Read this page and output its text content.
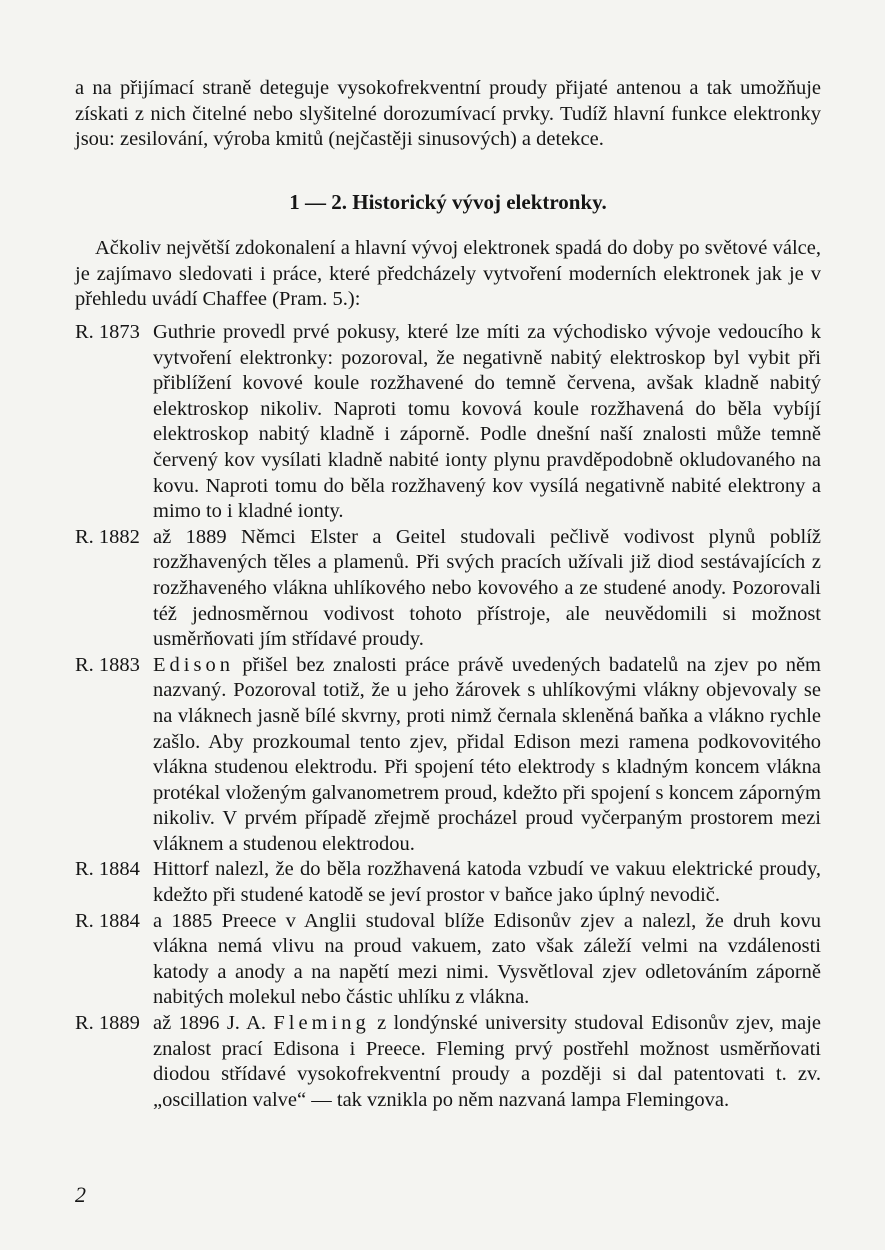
a na přijímací straně deteguje vysokofrekventní proudy přijaté antenou a tak umožňuje získati z nich čitelné nebo slyšitelné dorozumívací prvky. Tudíž hlavní funkce elektronky jsou: zesilování, výroba kmitů (nejčastěji sinusových) a detekce.

1 — 2. Historický vývoj elektronky.

Ačkoliv největší zdokonalení a hlavní vývoj elektronek spadá do doby po světové válce, je zajímavo sledovati i práce, které předcházely vytvoření moderních elektronek jak je v přehledu uvádí Chaffee (Pram. 5.):

R. 1873 Guthrie provedl prvé pokusy, které lze míti za východisko vývoje vedoucího k vytvoření elektronky: pozoroval, že negativně nabitý elektroskop byl vybit při přiblížení kovové koule rozžhavené do temně červena, avšak kladně nabitý elektroskop nikoliv. Naproti tomu kovová koule rozžhavená do běla vybíjí elektroskop nabitý kladně i záporně. Podle dnešní naší znalosti může temně červený kov vysílati kladně nabité ionty plynu pravděpodobně okludovaného na kovu. Naproti tomu do běla rozžhavený kov vysílá negativně nabité elektrony a mimo to i kladné ionty.
R. 1882 až 1889 Němci Elster a Geitel studovali pečlivě vodivost plynů poblíž rozžhavených těles a plamenů. Při svých pracích užívali již diod sestávajících z rozžhaveného vlákna uhlíkového nebo kovového a ze studené anody. Pozorovali též jednosměrnou vodivost tohoto přístroje, ale neuvědomili si možnost usměrňovati jím střídavé proudy.
R. 1883 Edison přišel bez znalosti práce právě uvedených badatelů na zjev po něm nazvaný. Pozoroval totiž, že u jeho žárovek s uhlíkovými vlákny objevovaly se na vláknech jasně bílé skvrny, proti nimž černala skleněná baňka a vlákno rychle zašlo. Aby prozkoumal tento zjev, přidal Edison mezi ramena podkovovitého vlákna studenou elektrodu. Při spojení této elektrody s kladným koncem vlákna protékal vloženým galvanometrem proud, kdežto při spojení s koncem záporným nikoliv. V prvém případě zřejmě procházel proud vyčerpaným prostorem mezi vláknem a studenou elektrodou.
R. 1884 Hittorf nalezl, že do běla rozžhavená katoda vzbudí ve vakuu elektrické proudy, kdežto při studené katodě se jeví prostor v baňce jako úplný nevodič.
R. 1884 a 1885 Preece v Anglii studoval blíže Edisonův zjev a nalezl, že druh kovu vlákna nemá vlivu na proud vakuem, zato však záleží velmi na vzdálenosti katody a anody a na napětí mezi nimi. Vysvětloval zjev odletováním záporně nabitých molekul nebo částic uhlíku z vlákna.
R. 1889 až 1896 J. A. Fleming z londýnské university studoval Edisonův zjev, maje znalost prací Edisona i Preece. Fleming prvý postřehl možnost usměrňovati diodou střídavé vysokofrekventní proudy a později si dal patentovati t. zv. „oscillation valve“ — tak vznikla po něm nazvaná lampa Flemingova.
2
